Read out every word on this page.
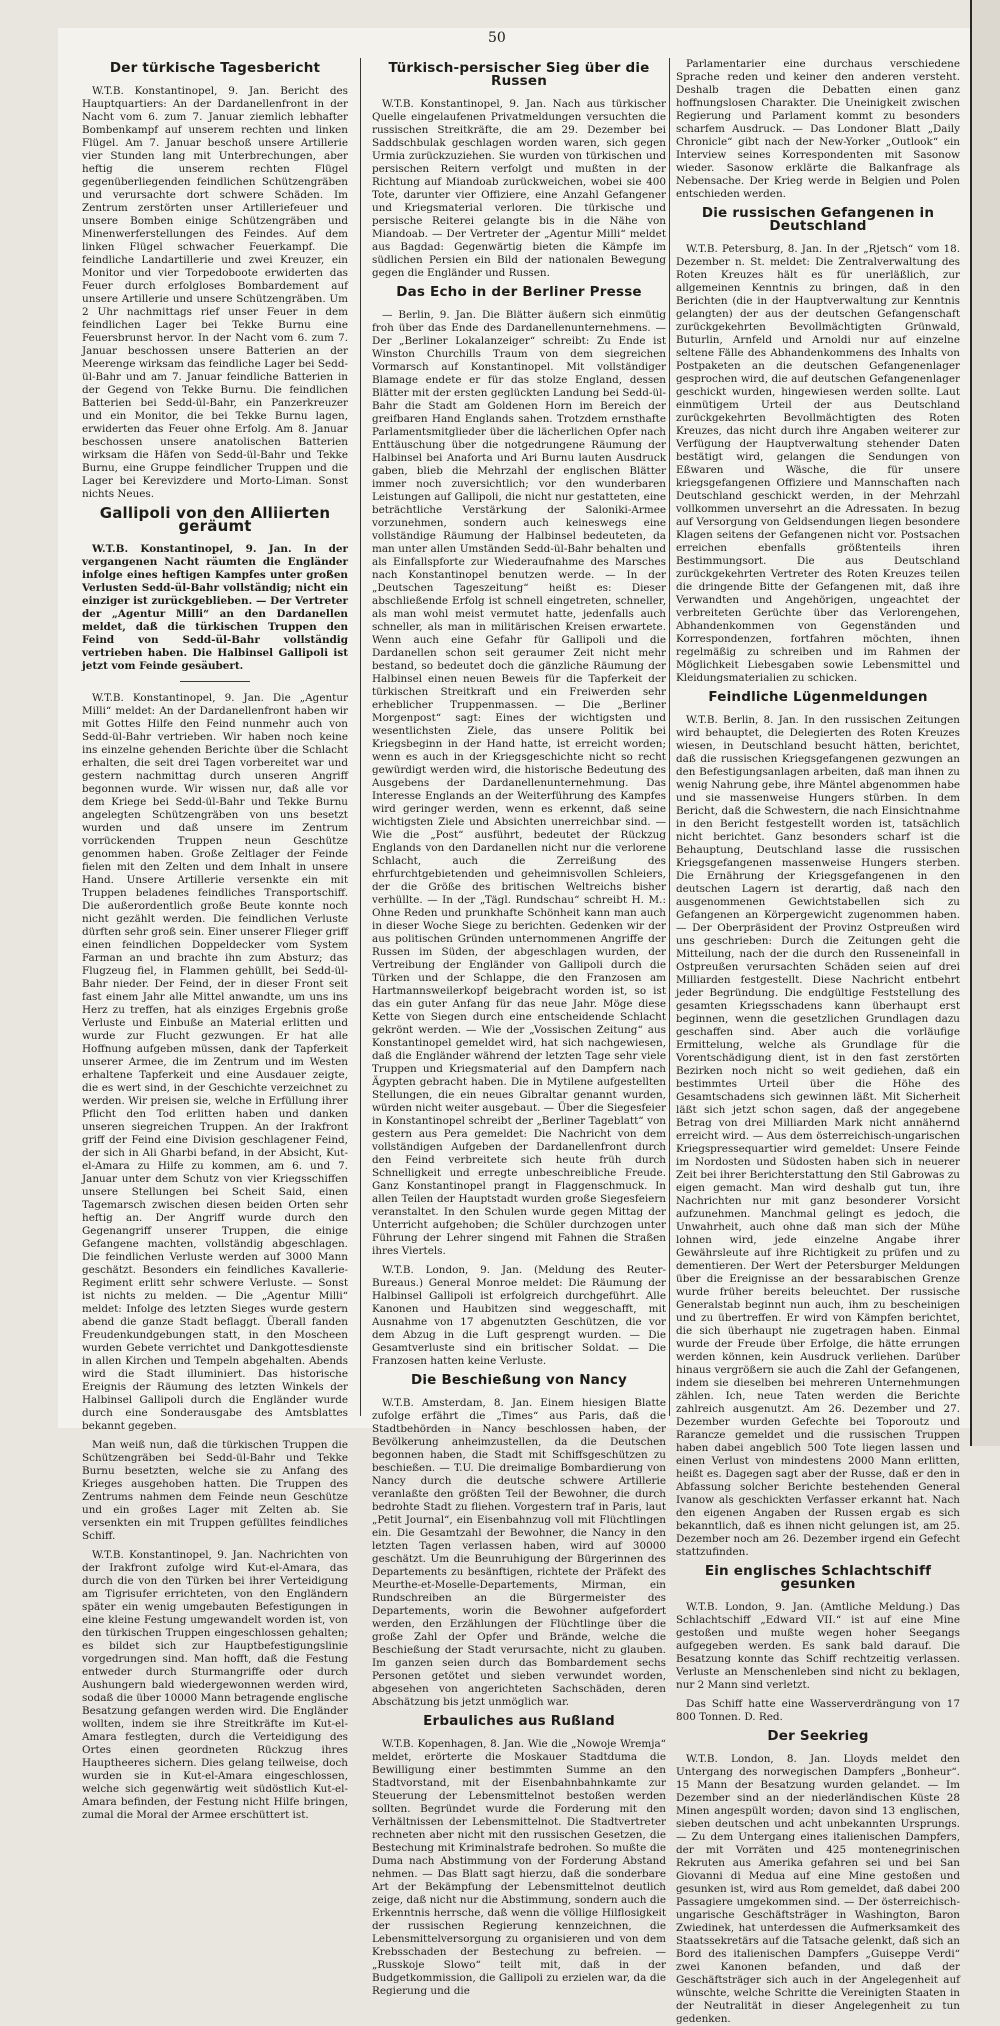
50
Der türkische Tagesbericht

W.T.B. Konstantinopel, 9. Jan. Bericht des Hauptquartiers: An der Dardanellenfront in der Nacht vom 6. zum 7. Januar ziemlich lebhafter Bombenkampf auf unserem rechten und linken Flügel. Am 7. Januar beschoß unsere Artillerie vier Stunden lang mit Unterbrechungen, aber heftig die unserem rechten Flügel gegenüberliegenden feindlichen Schützengräben und verursachte dort schwere Schäden. Im Zentrum zerstörten unser Artilleriefeuer und unsere Bomben einige Schützengräben und Minenwerferstellungen des Feindes. Auf dem linken Flügel schwacher Feuerkampf. Die feindliche Landartillerie und zwei Kreuzer, ein Monitor und vier Torpedoboote erwiderten das Feuer durch erfolgloses Bombardement auf unsere Artillerie und unsere Schützengräben. Um 2 Uhr nachmittags rief unser Feuer in dem feindlichen Lager bei Tekke Burnu eine Feuersbrunst hervor. In der Nacht vom 6. zum 7. Januar beschossen unsere Batterien an der Meerenge wirksam das feindliche Lager bei Sedd-ül-Bahr und am 7. Januar feindliche Batterien in der Gegend von Tekke Burnu. Die feindlichen Batterien bei Sedd-ül-Bahr, ein Panzerkreuzer und ein Monitor, die bei Tekke Burnu lagen, erwiderten das Feuer ohne Erfolg. Am 8. Januar beschossen unsere anatolischen Batterien wirksam die Häfen von Sedd-ül-Bahr und Tekke Burnu, eine Gruppe feindlicher Truppen und die Lager bei Kerevizdere und Morto-Liman. Sonst nichts Neues.

Gallipoli von den Alliierten geräumt

W.T.B. Konstantinopel, 9. Jan. In der vergangenen Nacht räumten die Engländer infolge eines heftigen Kampfes unter großen Verlusten Sedd-ül-Bahr vollständig; nicht ein einziger ist zurückgeblieben. — Der Vertreter der „Agentur Milli“ an den Dardanellen meldet, daß die türkischen Truppen den Feind von Sedd-ül-Bahr vollständig vertrieben haben. Die Halbinsel Gallipoli ist jetzt vom Feinde gesäubert.

W.T.B. Konstantinopel, 9. Jan. Die „Agentur Milli“ meldet: An der Dardanellenfront haben wir mit Gottes Hilfe den Feind nunmehr auch von Sedd-ül-Bahr vertrieben. Wir haben noch keine ins einzelne gehenden Berichte über die Schlacht erhalten, die seit drei Tagen vorbereitet war und gestern nachmittag durch unseren Angriff begonnen wurde. Wir wissen nur, daß alle vor dem Kriege bei Sedd-ül-Bahr und Tekke Burnu angelegten Schützengräben von uns besetzt wurden und daß unsere im Zentrum vorrückenden Truppen neun Geschütze genommen haben. Große Zeltlager der Feinde fielen mit den Zelten und dem Inhalt in unsere Hand. Unsere Artillerie versenkte ein mit Truppen beladenes feindliches Transportschiff. Die außerordentlich große Beute konnte noch nicht gezählt werden. Die feindlichen Verluste dürften sehr groß sein. Einer unserer Flieger griff einen feindlichen Doppeldecker vom System Farman an und brachte ihn zum Absturz; das Flugzeug fiel, in Flammen gehüllt, bei Sedd-ül-Bahr nieder. Der Feind, der in dieser Front seit fast einem Jahr alle Mittel anwandte, um uns ins Herz zu treffen, hat als einziges Ergebnis große Verluste und Einbuße an Material erlitten und wurde zur Flucht gezwungen. Er hat alle Hoffnung aufgeben müssen, dank der Tapferkeit unserer Armee, die im Zentrum und im Westen erhaltene Tapferkeit und eine Ausdauer zeigte, die es wert sind, in der Geschichte verzeichnet zu werden. Wir preisen sie, welche in Erfüllung ihrer Pflicht den Tod erlitten haben und danken unseren siegreichen Truppen. An der Irakfront griff der Feind eine Division geschlagener Feind, der sich in Ali Gharbi befand, in der Absicht, Kut-el-Amara zu Hilfe zu kommen, am 6. und 7. Januar unter dem Schutz von vier Kriegsschiffen unsere Stellungen bei Scheit Said, einen Tagemarsch zwischen diesen beiden Orten sehr heftig an. Der Angriff wurde durch den Gegenangriff unserer Truppen, die einige Gefangene machten, vollständig abgeschlagen. Die feindlichen Verluste werden auf 3000 Mann geschätzt. Besonders ein feindliches Kavallerie-Regiment erlitt sehr schwere Verluste. — Sonst ist nichts zu melden. — Die „Agentur Milli“ meldet: Infolge des letzten Sieges wurde gestern abend die ganze Stadt beflaggt. Überall fanden Freudenkundgebungen statt, in den Moscheen wurden Gebete verrichtet und Dankgottesdienste in allen Kirchen und Tempeln abgehalten. Abends wird die Stadt illuminiert. Das historische Ereignis der Räumung des letzten Winkels der Halbinsel Gallipoli durch die Engländer wurde durch eine Sonderausgabe des Amtsblattes bekannt gegeben.

Man weiß nun, daß die türkischen Truppen die Schützengräben bei Sedd-ül-Bahr und Tekke Burnu besetzten, welche sie zu Anfang des Krieges ausgehoben hatten. Die Truppen des Zentrums nahmen dem Feinde neun Geschütze und ein großes Lager mit Zelten ab. Sie versenkten ein mit Truppen gefülltes feindliches Schiff.

W.T.B. Konstantinopel, 9. Jan. Nachrichten von der Irakfront zufolge wird Kut-el-Amara, das durch die von den Türken bei ihrer Verteidigung am Tigrisufer errichteten, von den Engländern später ein wenig umgebauten Befestigungen in eine kleine Festung umgewandelt worden ist, von den türkischen Truppen eingeschlossen gehalten; es bildet sich zur Hauptbefestigungslinie vorgedrungen sind. Man hofft, daß die Festung entweder durch Sturmangriffe oder durch Aushungern bald wiedergewonnen werden wird, sodaß die über 10000 Mann betragende englische Besatzung gefangen werden wird. Die Engländer wollten, indem sie ihre Streitkräfte im Kut-el-Amara festlegten, durch die Verteidigung des Ortes einen geordneten Rückzug ihres Hauptheeres sichern. Dies gelang teilweise, doch wurden sie in Kut-el-Amara eingeschlossen, welche sich gegenwärtig weit südöstlich Kut-el-Amara befinden, der Festung nicht Hilfe bringen, zumal die Moral der Armee erschüttert ist.

Türkisch-persischer Sieg über die Russen

W.T.B. Konstantinopel, 9. Jan. Nach aus türkischer Quelle eingelaufenen Privatmeldungen versuchten die russischen Streitkräfte, die am 29. Dezember bei Saddschbulak geschlagen worden waren, sich gegen Urmia zurückzuziehen. Sie wurden von türkischen und persischen Reitern verfolgt und mußten in der Richtung auf Miandoab zurückweichen, wobei sie 400 Tote, darunter vier Offiziere, eine Anzahl Gefangener und Kriegsmaterial verloren. Die türkische und persische Reiterei gelangte bis in die Nähe von Miandoab. — Der Vertreter der „Agentur Milli“ meldet aus Bagdad: Gegenwärtig bieten die Kämpfe im südlichen Persien ein Bild der nationalen Bewegung gegen die Engländer und Russen.

Das Echo in der Berliner Presse

— Berlin, 9. Jan. Die Blätter äußern sich einmütig froh über das Ende des Dardanellenunternehmens. — Der „Berliner Lokalanzeiger“ schreibt: Zu Ende ist Winston Churchills Traum von dem siegreichen Vormarsch auf Konstantinopel. Mit vollständiger Blamage endete er für das stolze England, dessen Blätter mit der ersten geglückten Landung bei Sedd-ül-Bahr die Stadt am Goldenen Horn im Bereich der greifbaren Hand Englands sahen. Trotzdem ernsthafte Parlamentsmitglieder über die lächerlichen Opfer nach Enttäuschung über die notgedrungene Räumung der Halbinsel bei Anaforta und Ari Burnu lauten Ausdruck gaben, blieb die Mehrzahl der englischen Blätter immer noch zuversichtlich; vor den wunderbaren Leistungen auf Gallipoli, die nicht nur gestatteten, eine beträchtliche Verstärkung der Saloniki-Armee vorzunehmen, sondern auch keineswegs eine vollständige Räumung der Halbinsel bedeuteten, da man unter allen Umständen Sedd-ül-Bahr behalten und als Einfallspforte zur Wiederaufnahme des Marsches nach Konstantinopel benutzen werde. — In der „Deutschen Tageszeitung“ heißt es: Dieser abschließende Erfolg ist schnell eingetreten, schneller, als man wohl meist vermutet hatte, jedenfalls auch schneller, als man in militärischen Kreisen erwartete. Wenn auch eine Gefahr für Gallipoli und die Dardanellen schon seit geraumer Zeit nicht mehr bestand, so bedeutet doch die gänzliche Räumung der Halbinsel einen neuen Beweis für die Tapferkeit der türkischen Streitkraft und ein Freiwerden sehr erheblicher Truppenmassen. — Die „Berliner Morgenpost“ sagt: Eines der wichtigsten und wesentlichsten Ziele, das unsere Politik bei Kriegsbeginn in der Hand hatte, ist erreicht worden; wenn es auch in der Kriegsgeschichte nicht so recht gewürdigt werden wird, die historische Bedeutung des Ausgebens der Dardanellenunternehmung. Das Interesse Englands an der Weiterführung des Kampfes wird geringer werden, wenn es erkennt, daß seine wichtigsten Ziele und Absichten unerreichbar sind. — Wie die „Post“ ausführt, bedeutet der Rückzug Englands von den Dardanellen nicht nur die verlorene Schlacht, auch die Zerreißung des ehrfurchtgebietenden und geheimnisvollen Schleiers, der die Größe des britischen Weltreichs bisher verhüllte. — In der „Tägl. Rundschau“ schreibt H. M.: Ohne Reden und prunkhafte Schönheit kann man auch in dieser Woche Siege zu berichten. Gedenken wir der aus politischen Gründen unternommenen Angriffe der Russen im Süden, der abgeschlagen wurden, der Vertreibung der Engländer von Gallipoli durch die Türken und der Schlappe, die den Franzosen am Hartmannsweilerkopf beigebracht worden ist, so ist das ein guter Anfang für das neue Jahr. Möge diese Kette von Siegen durch eine entscheidende Schlacht gekrönt werden. — Wie der „Vossischen Zeitung“ aus Konstantinopel gemeldet wird, hat sich nachgewiesen, daß die Engländer während der letzten Tage sehr viele Truppen und Kriegsmaterial auf den Dampfern nach Ägypten gebracht haben. Die in Mytilene aufgestellten Stellungen, die ein neues Gibraltar genannt wurden, würden nicht weiter ausgebaut. — Über die Siegesfeier in Konstantinopel schreibt der „Berliner Tageblatt“ von gestern aus Pera gemeldet: Die Nachricht von dem vollständigen Aufgeben der Dardanellenfront durch den Feind verbreitete sich heute früh durch Schnelligkeit und erregte unbeschreibliche Freude. Ganz Konstantinopel prangt in Flaggenschmuck. In allen Teilen der Hauptstadt wurden große Siegesfeiern veranstaltet. In den Schulen wurde gegen Mittag der Unterricht aufgehoben; die Schüler durchzogen unter Führung der Lehrer singend mit Fahnen die Straßen ihres Viertels.

W.T.B. London, 9. Jan. (Meldung des Reuter-Bureaus.) General Monroe meldet: Die Räumung der Halbinsel Gallipoli ist erfolgreich durchgeführt. Alle Kanonen und Haubitzen sind weggeschafft, mit Ausnahme von 17 abgenutzten Geschützen, die vor dem Abzug in die Luft gesprengt wurden. — Die Gesamtverluste sind ein britischer Soldat. — Die Franzosen hatten keine Verluste.

Die Beschießung von Nancy

W.T.B. Amsterdam, 8. Jan. Einem hiesigen Blatte zufolge erfährt die „Times“ aus Paris, daß die Stadtbehörden in Nancy beschlossen haben, der Bevölkerung anheimzustellen, da die Deutschen begonnen haben, die Stadt mit Schiffsgeschützen zu beschießen. — T.U. Die dreimalige Bombardierung von Nancy durch die deutsche schwere Artillerie veranlaßte den größten Teil der Bewohner, die durch bedrohte Stadt zu fliehen. Vorgestern traf in Paris, laut „Petit Journal“, ein Eisenbahnzug voll mit Flüchtlingen ein. Die Gesamtzahl der Bewohner, die Nancy in den letzten Tagen verlassen haben, wird auf 30000 geschätzt. Um die Beunruhigung der Bürgerinnen des Departements zu besänftigen, richtete der Präfekt des Meurthe-et-Moselle-Departements, Mirman, ein Rundschreiben an die Bürgermeister des Departements, worin die Bewohner aufgefordert werden, den Erzählungen der Flüchtlinge über die große Zahl der Opfer und Brände, welche die Beschießung der Stadt verursachte, nicht zu glauben. Im ganzen seien durch das Bombardement sechs Personen getötet und sieben verwundet worden, abgesehen von angerichteten Sachschäden, deren Abschätzung bis jetzt unmöglich war.

Erbauliches aus Rußland

W.T.B. Kopenhagen, 8. Jan. Wie die „Nowoje Wremja“ meldet, erörterte die Moskauer Stadtduma die Bewilligung einer bestimmten Summe an den Stadtvorstand, mit der Eisenbahnbahnkamte zur Steuerung der Lebensmittelnot bestoßen werden sollten. Begründet wurde die Forderung mit den Verhältnissen der Lebensmittelnot. Die Stadtvertreter rechneten aber nicht mit den russischen Gesetzen, die Bestechung mit Kriminalstrafe bedrohen. So mußte die Duma nach Abstimmung von der Forderung Abstand nehmen. — Das Blatt sagt hierzu, daß die sonderbare Art der Bekämpfung der Lebensmittelnot deutlich zeige, daß nicht nur die Abstimmung, sondern auch die Erkenntnis herrsche, daß wenn die völlige Hilflosigkeit der russischen Regierung kennzeichnen, die Lebensmittelversorgung zu organisieren und von dem Krebsschaden der Bestechung zu befreien. — „Russkoje Slowo“ teilt mit, daß in der Budgetkommission, die Gallipoli zu erzielen war, da die Regierung und die

Parlamentarier eine durchaus verschiedene Sprache reden und keiner den anderen versteht. Deshalb tragen die Debatten einen ganz hoffnungslosen Charakter. Die Uneinigkeit zwischen Regierung und Parlament kommt zu besonders scharfem Ausdruck. — Das Londoner Blatt „Daily Chronicle“ gibt nach der New-Yorker „Outlook“ ein Interview seines Korrespondenten mit Sasonow wieder. Sasonow erklärte die Balkanfrage als Nebensache. Der Krieg werde in Belgien und Polen entschieden werden.

Die russischen Gefangenen in Deutschland

W.T.B. Petersburg, 8. Jan. In der „Rjetsch“ vom 18. Dezember n. St. meldet: Die Zentralverwaltung des Roten Kreuzes hält es für unerläßlich, zur allgemeinen Kenntnis zu bringen, daß in den Berichten (die in der Hauptverwaltung zur Kenntnis gelangten) der aus der deutschen Gefangenschaft zurückgekehrten Bevollmächtigten Grünwald, Buturlin, Arnfeld und Arnoldi nur auf einzelne seltene Fälle des Abhandenkommens des Inhalts von Postpaketen an die deutschen Gefangenenlager gesprochen wird, die auf deutschen Gefangenenlager geschickt wurden, hingewiesen werden sollte. Laut einmütigem Urteil der aus Deutschland zurückgekehrten Bevollmächtigten des Roten Kreuzes, das nicht durch ihre Angaben weiterer zur Verfügung der Hauptverwaltung stehender Daten bestätigt wird, gelangen die Sendungen von Eßwaren und Wäsche, die für unsere kriegsgefangenen Offiziere und Mannschaften nach Deutschland geschickt werden, in der Mehrzahl vollkommen unversehrt an die Adressaten. In bezug auf Versorgung von Geldsendungen liegen besondere Klagen seitens der Gefangenen nicht vor. Postsachen erreichen ebenfalls größtenteils ihren Bestimmungsort. Die aus Deutschland zurückgekehrten Vertreter des Roten Kreuzes teilen die dringende Bitte der Gefangenen mit, daß ihre Verwandten und Angehörigen, ungeachtet der verbreiteten Gerüchte über das Verlorengehen, Abhandenkommen von Gegenständen und Korrespondenzen, fortfahren möchten, ihnen regelmäßig zu schreiben und im Rahmen der Möglichkeit Liebesgaben sowie Lebensmittel und Kleidungsmaterialien zu schicken.

Feindliche Lügenmeldungen

W.T.B. Berlin, 8. Jan. In den russischen Zeitungen wird behauptet, die Delegierten des Roten Kreuzes wiesen, in Deutschland besucht hätten, berichtet, daß die russischen Kriegsgefangenen gezwungen an den Befestigungsanlagen arbeiten, daß man ihnen zu wenig Nahrung gebe, ihre Mäntel abgenommen habe und sie massenweise Hungers stürben. In dem Bericht, daß die Schwestern, die nach Einsichtnahme in den Bericht festgestellt worden ist, tatsächlich nicht berichtet. Ganz besonders scharf ist die Behauptung, Deutschland lasse die russischen Kriegsgefangenen massenweise Hungers sterben. Die Ernährung der Kriegsgefangenen in den deutschen Lagern ist derartig, daß nach den ausgenommenen Gewichtstabellen sich zu Gefangenen an Körpergewicht zugenommen haben. — Der Oberpräsident der Provinz Ostpreußen wird uns geschrieben: Durch die Zeitungen geht die Mitteilung, nach der die durch den Russeneinfall in Ostpreußen verursachten Schäden seien auf drei Milliarden festgestellt. Diese Nachricht entbehrt jeder Begründung. Die endgültige Feststellung des gesamten Kriegsschadens kann überhaupt erst beginnen, wenn die gesetzlichen Grundlagen dazu geschaffen sind. Aber auch die vorläufige Ermittelung, welche als Grundlage für die Vorentschädigung dient, ist in den fast zerstörten Bezirken noch nicht so weit gediehen, daß ein bestimmtes Urteil über die Höhe des Gesamtschadens sich gewinnen läßt. Mit Sicherheit läßt sich jetzt schon sagen, daß der angegebene Betrag von drei Milliarden Mark nicht annähernd erreicht wird. — Aus dem österreichisch-ungarischen Kriegspressequartier wird gemeldet: Unsere Feinde im Nordosten und Südosten haben sich in neuerer Zeit bei ihrer Berichterstattung den Stil Gabrowas zu eigen gemacht. Man wird deshalb gut tun, ihre Nachrichten nur mit ganz besonderer Vorsicht aufzunehmen. Manchmal gelingt es jedoch, die Unwahrheit, auch ohne daß man sich der Mühe lohnen wird, jede einzelne Angabe ihrer Gewährsleute auf ihre Richtigkeit zu prüfen und zu dementieren. Der Wert der Petersburger Meldungen über die Ereignisse an der bessarabischen Grenze wurde früher bereits beleuchtet. Der russische Generalstab beginnt nun auch, ihm zu bescheinigen und zu übertreffen. Er wird von Kämpfen berichtet, die sich überhaupt nie zugetragen haben. Einmal wurde der Freude über Erfolge, die hätte errungen werden können, kein Ausdruck verliehen. Darüber hinaus vergrößern sie auch die Zahl der Gefangenen, indem sie dieselben bei mehreren Unternehmungen zählen. Ich, neue Taten werden die Berichte zahlreich ausgenutzt. Am 26. Dezember und 27. Dezember wurden Gefechte bei Toporoutz und Rarancze gemeldet und die russischen Truppen haben dabei angeblich 500 Tote liegen lassen und einen Verlust von mindestens 2000 Mann erlitten, heißt es. Dagegen sagt aber der Russe, daß er den in Abfassung solcher Berichte bestehenden General Ivanow als geschickten Verfasser erkannt hat. Nach den eigenen Angaben der Russen ergab es sich bekanntlich, daß es ihnen nicht gelungen ist, am 25. Dezember noch am 26. Dezember irgend ein Gefecht stattzufinden.

Ein englisches Schlachtschiff gesunken

W.T.B. London, 9. Jan. (Amtliche Meldung.) Das Schlachtschiff „Edward VII.“ ist auf eine Mine gestoßen und mußte wegen hoher Seegangs aufgegeben werden. Es sank bald darauf. Die Besatzung konnte das Schiff rechtzeitig verlassen. Verluste an Menschenleben sind nicht zu beklagen, nur 2 Mann sind verletzt.

Das Schiff hatte eine Wasserverdrängung von 17 800 Tonnen. D. Red.

Der Seekrieg

W.T.B. London, 8. Jan. Lloyds meldet den Untergang des norwegischen Dampfers „Bonheur“. 15 Mann der Besatzung wurden gelandet. — Im Dezember sind an der niederländischen Küste 28 Minen angespült worden; davon sind 13 englischen, sieben deutschen und acht unbekannten Ursprungs. — Zu dem Untergang eines italienischen Dampfers, der mit Vorräten und 425 montenegrinischen Rekruten aus Amerika gefahren sei und bei San Giovanni di Medua auf eine Mine gestoßen und gesunken ist, wird aus Rom gemeldet, daß dabei 200 Passagiere umgekommen sind. — Der österreichisch-ungarische Geschäftsträger in Washington, Baron Zwiedinek, hat unterdessen die Aufmerksamkeit des Staatssekretärs auf die Tatsache gelenkt, daß sich an Bord des italienischen Dampfers „Guiseppe Verdi“ zwei Kanonen befanden, und daß der Geschäftsträger sich auch in der Angelegenheit auf wünschte, welche Schritte die Vereinigten Staaten in der Neutralität in dieser Angelegenheit zu tun gedenken.
